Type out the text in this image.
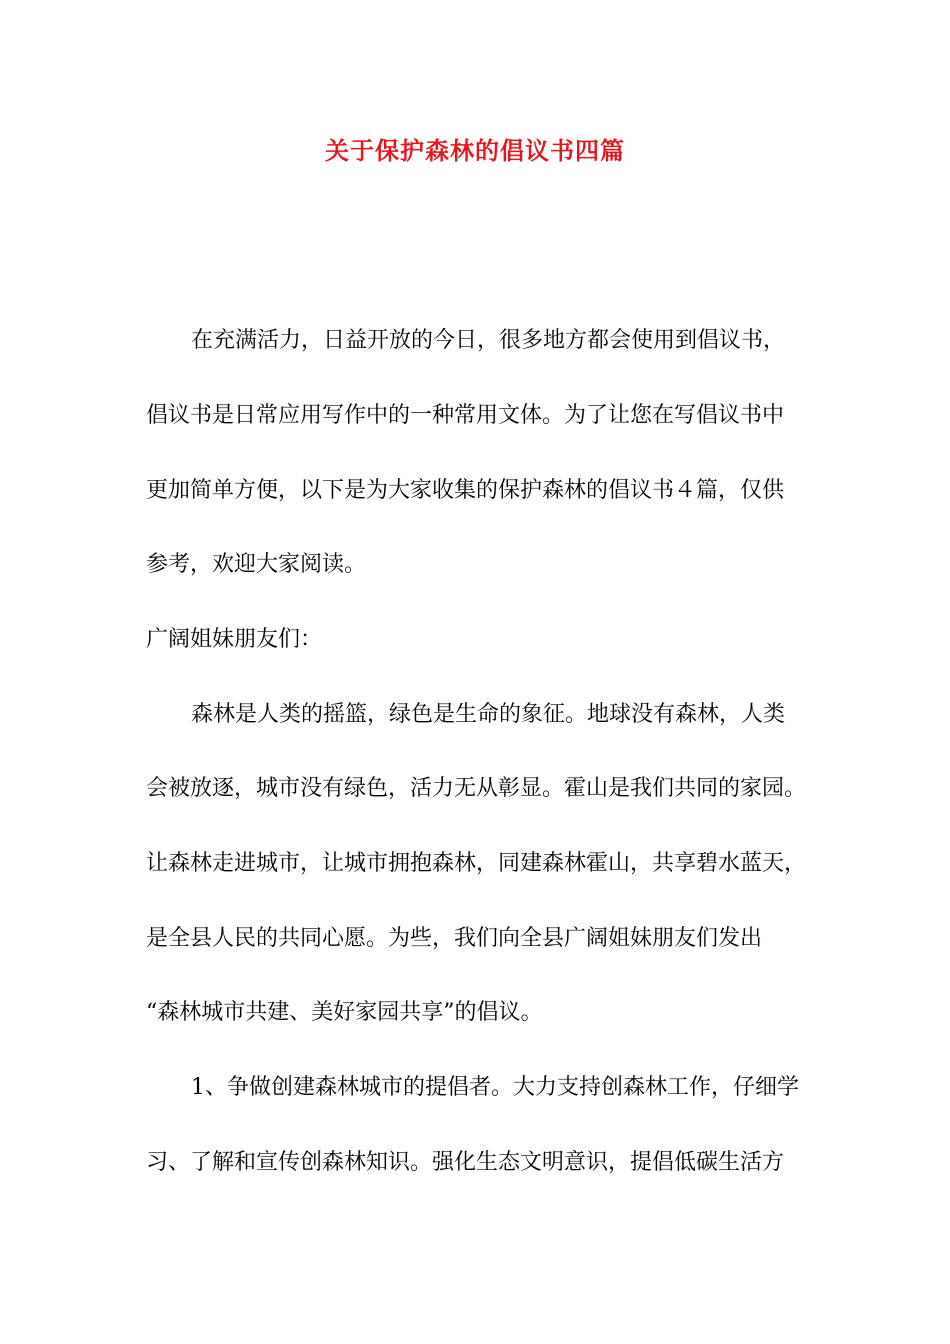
关于保护森林的倡议书四篇
在充满活力，日益开放的今日，很多地方都会使用到倡议书，
倡议书是日常应用写作中的一种常用文体。为了让您在写倡议书中
更加简单方便，以下是为大家收集的保护森林的倡议书４篇，仅供
参考，欢迎大家阅读。
广阔姐妹朋友们：
森林是人类的摇篮，绿色是生命的象征。地球没有森林，人类
会被放逐，城市没有绿色，活力无从彰显。霍山是我们共同的家园。
让森林走进城市，让城市拥抱森林，同建森林霍山，共享碧水蓝天，
是全县人民的共同心愿。为些，我们向全县广阔姐妹朋友们发出
“森林城市共建、美好家园共享”的倡议。
1、争做创建森林城市的提倡者。大力支持创森林工作，仔细学
习、了解和宣传创森林知识。强化生态文明意识，提倡低碳生活方
